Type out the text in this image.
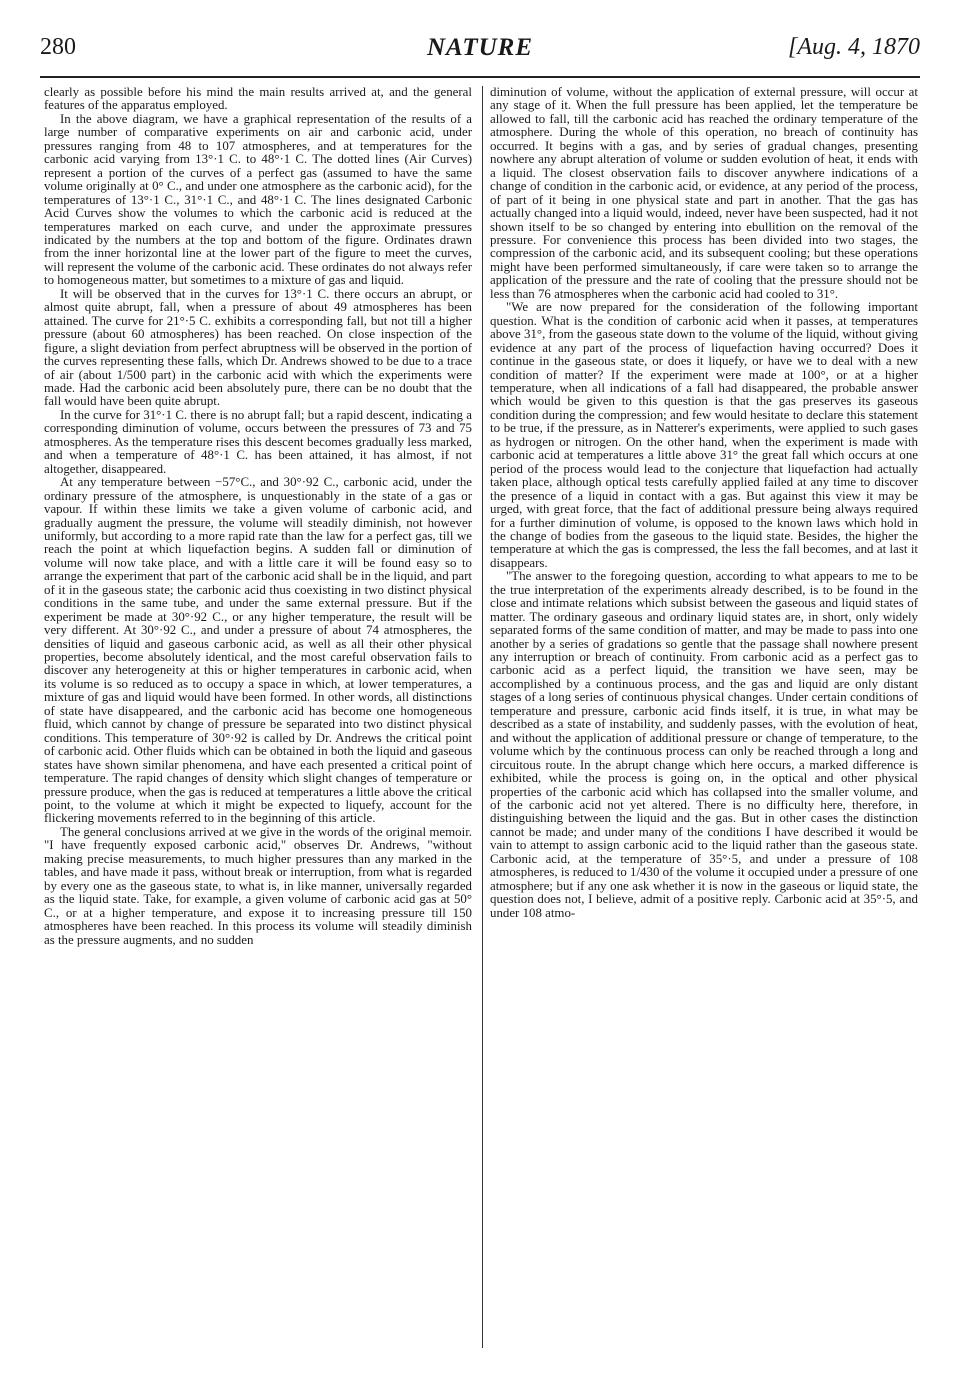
280	NATURE	[Aug. 4, 1870

clearly as possible before his mind the main results arrived at, and the general features of the apparatus employed.

In the above diagram, we have a graphical representation of the results of a large number of comparative experiments on air and carbonic acid, under pressures ranging from 48 to 107 atmospheres, and at temperatures for the carbonic acid varying from 13°·1 C. to 48°·1 C. The dotted lines (Air Curves) represent a portion of the curves of a perfect gas (assumed to have the same volume originally at 0° C., and under one atmosphere as the carbonic acid), for the temperatures of 13°·1 C., 31°·1 C., and 48°·1 C. The lines designated Carbonic Acid Curves show the volumes to which the carbonic acid is reduced at the temperatures marked on each curve, and under the approximate pressures indicated by the numbers at the top and bottom of the figure. Ordinates drawn from the inner horizontal line at the lower part of the figure to meet the curves, will represent the volume of the carbonic acid. These ordinates do not always refer to homogeneous matter, but sometimes to a mixture of gas and liquid.

It will be observed that in the curves for 13°·1 C. there occurs an abrupt, or almost quite abrupt, fall, when a pressure of about 49 atmospheres has been attained. The curve for 21°·5 C. exhibits a corresponding fall, but not till a higher pressure (about 60 atmospheres) has been reached. On close inspection of the figure, a slight deviation from perfect abruptness will be observed in the portion of the curves representing these falls, which Dr. Andrews showed to be due to a trace of air (about 1/500 part) in the carbonic acid with which the experiments were made. Had the carbonic acid been absolutely pure, there can be no doubt that the fall would have been quite abrupt.

In the curve for 31°·1 C. there is no abrupt fall; but a rapid descent, indicating a corresponding diminution of volume, occurs between the pressures of 73 and 75 atmospheres. As the temperature rises this descent becomes gradually less marked, and when a temperature of 48°·1 C. has been attained, it has almost, if not altogether, disappeared.

At any temperature between −57°C., and 30°·92 C., carbonic acid, under the ordinary pressure of the atmosphere, is unquestionably in the state of a gas or vapour. If within these limits we take a given volume of carbonic acid, and gradually augment the pressure, the volume will steadily diminish, not however uniformly, but according to a more rapid rate than the law for a perfect gas, till we reach the point at which liquefaction begins. A sudden fall or diminution of volume will now take place, and with a little care it will be found easy so to arrange the experiment that part of the carbonic acid shall be in the liquid, and part of it in the gaseous state; the carbonic acid thus coexisting in two distinct physical conditions in the same tube, and under the same external pressure. But if the experiment be made at 30°·92 C., or any higher temperature, the result will be very different. At 30°·92 C., and under a pressure of about 74 atmospheres, the densities of liquid and gaseous carbonic acid, as well as all their other physical properties, become absolutely identical, and the most careful observation fails to discover any heterogeneity at this or higher temperatures in carbonic acid, when its volume is so reduced as to occupy a space in which, at lower temperatures, a mixture of gas and liquid would have been formed. In other words, all distinctions of state have disappeared, and the carbonic acid has become one homogeneous fluid, which cannot by change of pressure be separated into two distinct physical conditions. This temperature of 30°·92 is called by Dr. Andrews the critical point of carbonic acid. Other fluids which can be obtained in both the liquid and gaseous states have shown similar phenomena, and have each presented a critical point of temperature. The rapid changes of density which slight changes of temperature or pressure produce, when the gas is reduced at temperatures a little above the critical point, to the volume at which it might be expected to liquefy, account for the flickering movements referred to in the beginning of this article.

The general conclusions arrived at we give in the words of the original memoir. "I have frequently exposed carbonic acid," observes Dr. Andrews, "without making precise measurements, to much higher pressures than any marked in the tables, and have made it pass, without break or interruption, from what is regarded by every one as the gaseous state, to what is, in like manner, universally regarded as the liquid state. Take, for example, a given volume of carbonic acid gas at 50° C., or at a higher temperature, and expose it to increasing pressure till 150 atmospheres have been reached. In this process its volume will steadily diminish as the pressure augments, and no sudden

diminution of volume, without the application of external pressure, will occur at any stage of it. When the full pressure has been applied, let the temperature be allowed to fall, till the carbonic acid has reached the ordinary temperature of the atmosphere. During the whole of this operation, no breach of continuity has occurred. It begins with a gas, and by series of gradual changes, presenting nowhere any abrupt alteration of volume or sudden evolution of heat, it ends with a liquid. The closest observation fails to discover anywhere indications of a change of condition in the carbonic acid, or evidence, at any period of the process, of part of it being in one physical state and part in another. That the gas has actually changed into a liquid would, indeed, never have been suspected, had it not shown itself to be so changed by entering into ebullition on the removal of the pressure. For convenience this process has been divided into two stages, the compression of the carbonic acid, and its subsequent cooling; but these operations might have been performed simultaneously, if care were taken so to arrange the application of the pressure and the rate of cooling that the pressure should not be less than 76 atmospheres when the carbonic acid had cooled to 31°.

"We are now prepared for the consideration of the following important question. What is the condition of carbonic acid when it passes, at temperatures above 31°, from the gaseous state down to the volume of the liquid, without giving evidence at any part of the process of liquefaction having occurred? Does it continue in the gaseous state, or does it liquefy, or have we to deal with a new condition of matter? If the experiment were made at 100°, or at a higher temperature, when all indications of a fall had disappeared, the probable answer which would be given to this question is that the gas preserves its gaseous condition during the compression; and few would hesitate to declare this statement to be true, if the pressure, as in Natterer's experiments, were applied to such gases as hydrogen or nitrogen. On the other hand, when the experiment is made with carbonic acid at temperatures a little above 31° the great fall which occurs at one period of the process would lead to the conjecture that liquefaction had actually taken place, although optical tests carefully applied failed at any time to discover the presence of a liquid in contact with a gas. But against this view it may be urged, with great force, that the fact of additional pressure being always required for a further diminution of volume, is opposed to the known laws which hold in the change of bodies from the gaseous to the liquid state. Besides, the higher the temperature at which the gas is compressed, the less the fall becomes, and at last it disappears.

"The answer to the foregoing question, according to what appears to me to be the true interpretation of the experiments already described, is to be found in the close and intimate relations which subsist between the gaseous and liquid states of matter. The ordinary gaseous and ordinary liquid states are, in short, only widely separated forms of the same condition of matter, and may be made to pass into one another by a series of gradations so gentle that the passage shall nowhere present any interruption or breach of continuity. From carbonic acid as a perfect gas to carbonic acid as a perfect liquid, the transition we have seen, may be accomplished by a continuous process, and the gas and liquid are only distant stages of a long series of continuous physical changes. Under certain conditions of temperature and pressure, carbonic acid finds itself, it is true, in what may be described as a state of instability, and suddenly passes, with the evolution of heat, and without the application of additional pressure or change of temperature, to the volume which by the continuous process can only be reached through a long and circuitous route. In the abrupt change which here occurs, a marked difference is exhibited, while the process is going on, in the optical and other physical properties of the carbonic acid which has collapsed into the smaller volume, and of the carbonic acid not yet altered. There is no difficulty here, therefore, in distinguishing between the liquid and the gas. But in other cases the distinction cannot be made; and under many of the conditions I have described it would be vain to attempt to assign carbonic acid to the liquid rather than the gaseous state. Carbonic acid, at the temperature of 35°·5, and under a pressure of 108 atmospheres, is reduced to 1/430 of the volume it occupied under a pressure of one atmosphere; but if any one ask whether it is now in the gaseous or liquid state, the question does not, I believe, admit of a positive reply. Carbonic acid at 35°·5, and under 108 atmo-
